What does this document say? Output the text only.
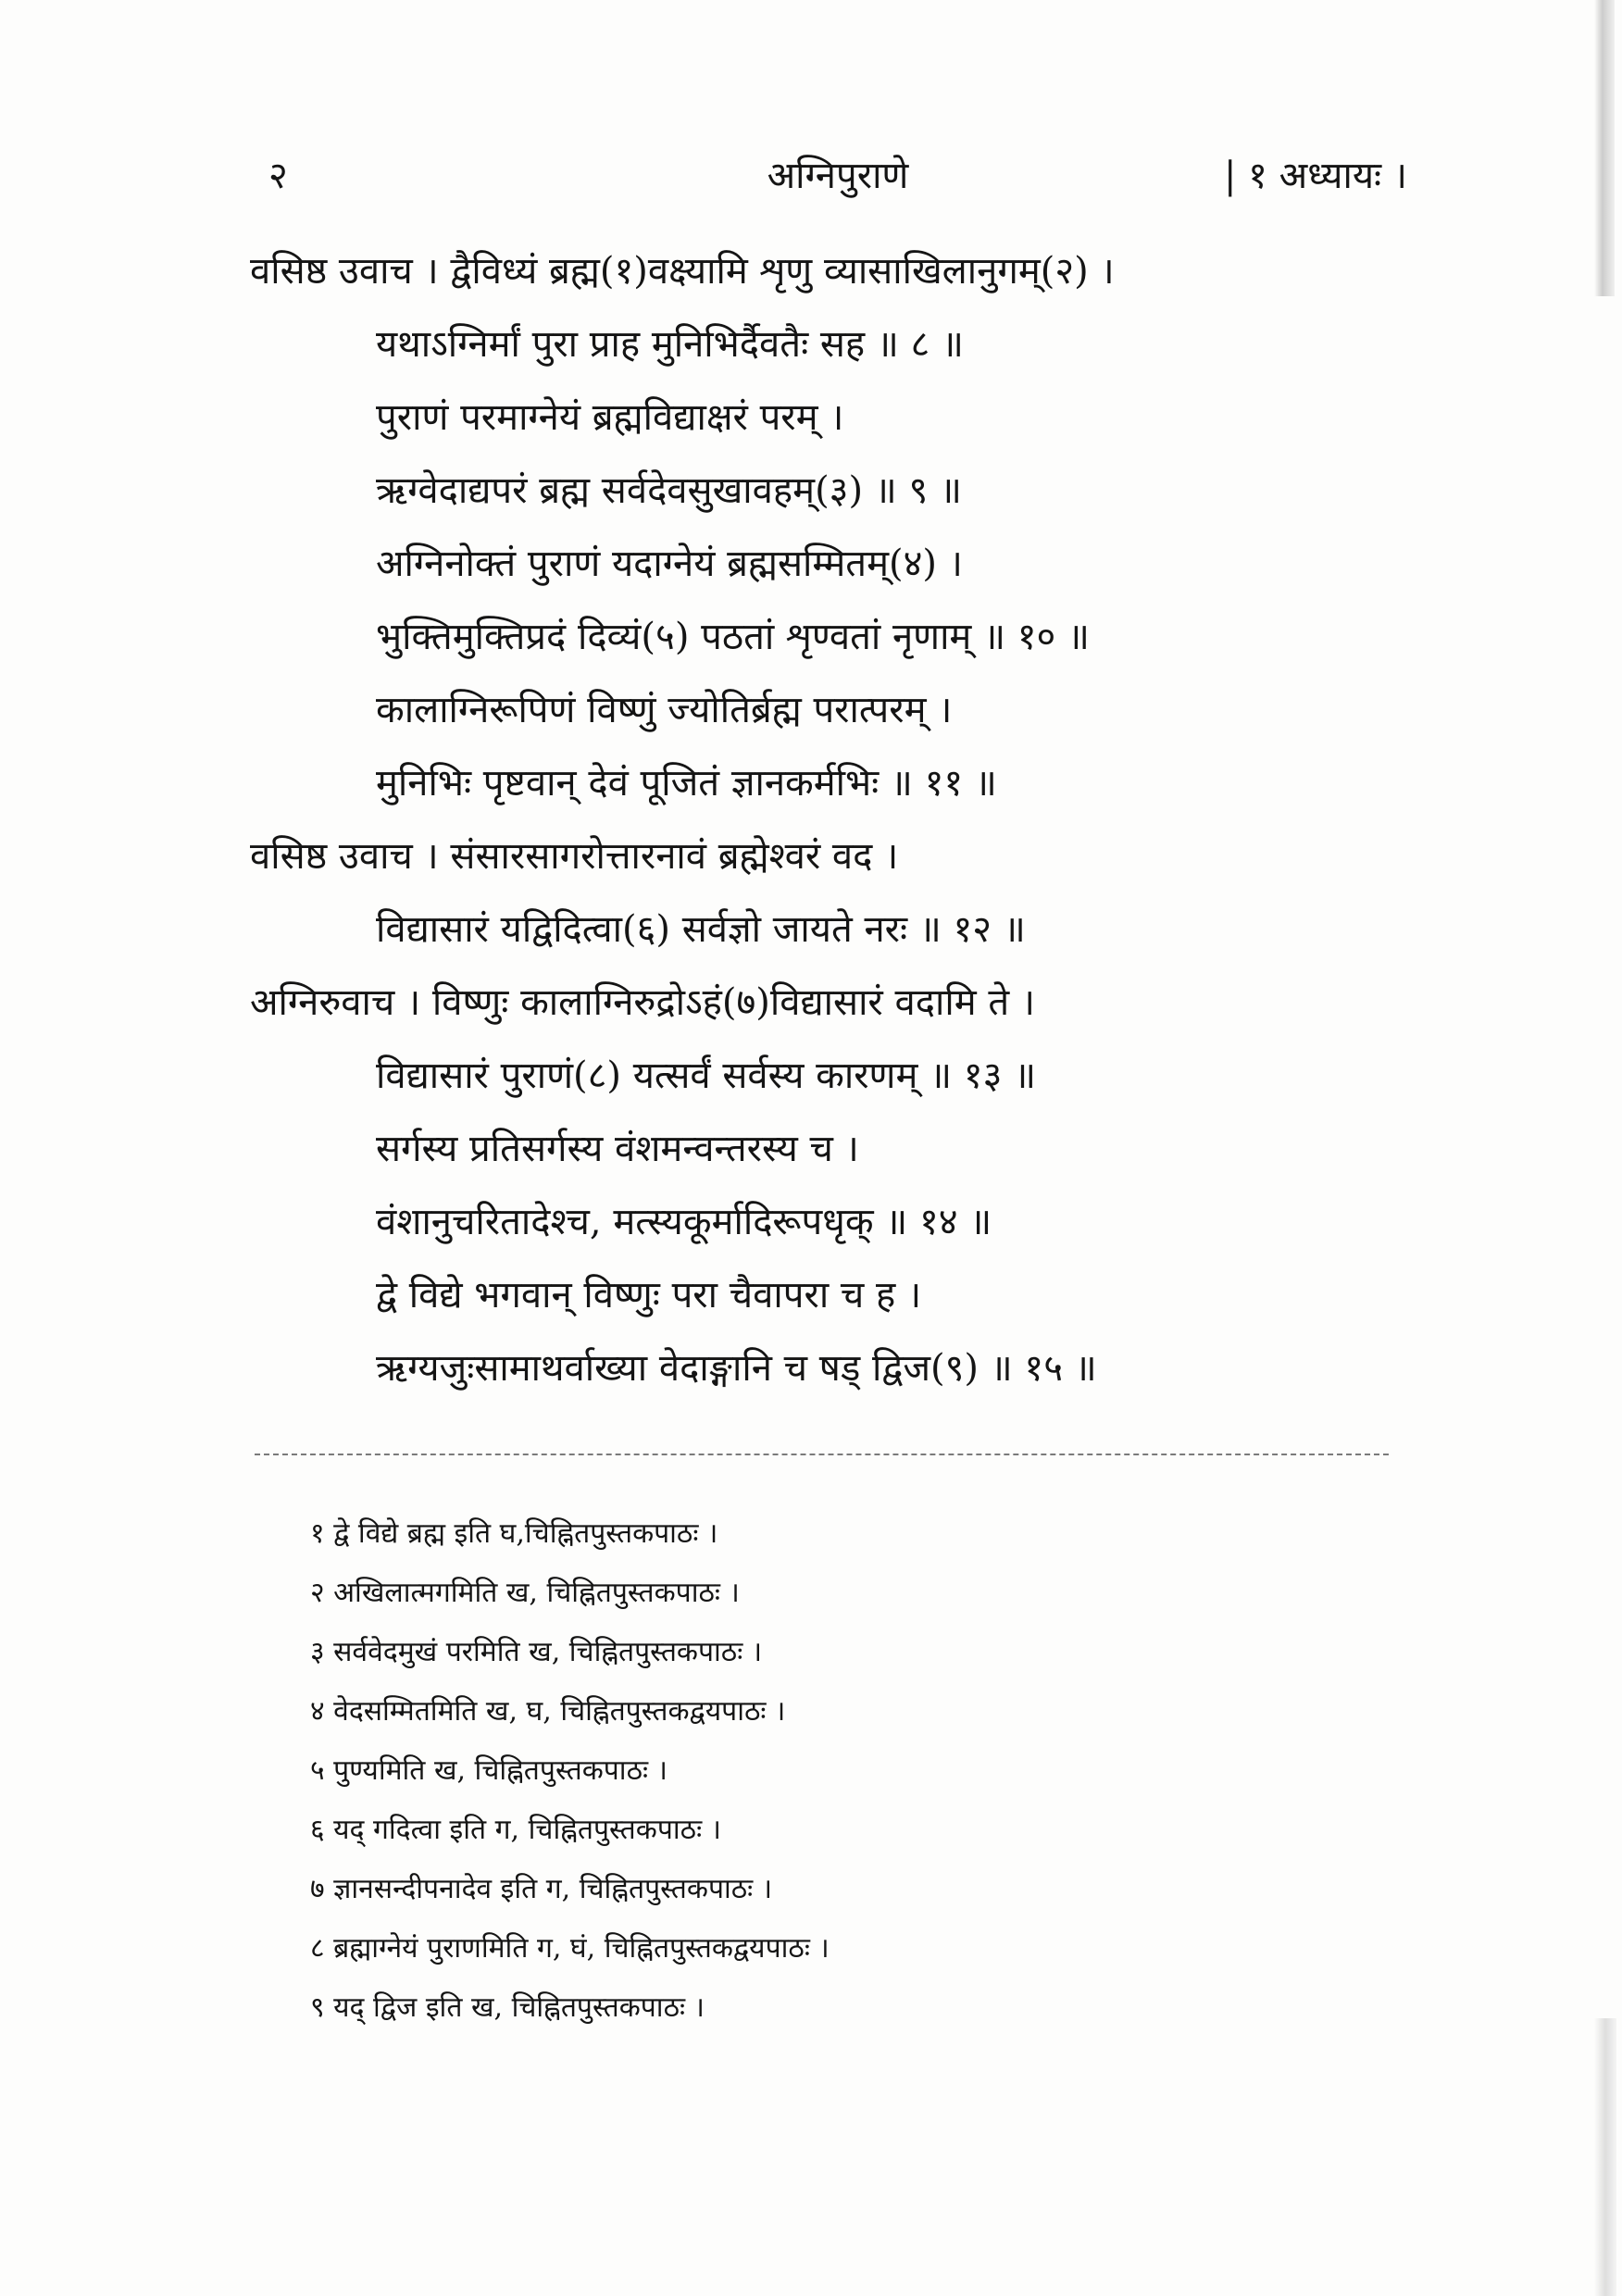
२	अग्निपुराणे	| १ अध्यायः ।
वसिष्ठ उवाच । द्वैविध्यं ब्रह्म(१)वक्ष्यामि शृणु व्यासाखिलानुगम्(२) ।
यथाऽग्निर्मां पुरा प्राह मुनिभिर्दैवतैः सह ॥ ८ ॥
पुराणं परमाग्नेयं ब्रह्मविद्याक्षरं परम् ।
ऋग्वेदाद्यपरं ब्रह्म सर्वदेवसुखावहम्(३) ॥ ९ ॥
अग्निनोक्तं पुराणं यदाग्नेयं ब्रह्मसम्मितम्(४) ।
भुक्तिमुक्तिप्रदं दिव्यं(५) पठतां शृण्वतां नृणाम् ॥ १० ॥
कालाग्निरूपिणं विष्णुं ज्योतिर्ब्रह्म परात्परम् ।
मुनिभिः पृष्टवान् देवं पूजितं ज्ञानकर्मभिः ॥ ११ ॥
वसिष्ठ उवाच । संसारसागरोत्तारनावं ब्रह्मेश्वरं वद ।
विद्यासारं यद्विदित्वा(६) सर्वज्ञो जायते नरः ॥ १२ ॥
अग्निरुवाच । विष्णुः कालाग्निरुद्रोऽहं(७)विद्यासारं वदामि ते ।
विद्यासारं पुराणं(८) यत्सर्वं सर्वस्य कारणम् ॥ १३ ॥
सर्गस्य प्रतिसर्गस्य वंशमन्वन्तरस्य च ।
वंशानुचरितादेश्च, मत्स्यकूर्मादिरूपधृक् ॥ १४ ॥
द्वे विद्ये भगवान् विष्णुः परा चैवापरा च ह ।
ऋग्यजुःसामाथर्वाख्या वेदाङ्गानि च षड् द्विज(९) ॥ १५ ॥
१ द्वे विद्ये ब्रह्म इति घ,चिह्नितपुस्तकपाठः ।
२ अखिलात्मगमिति ख, चिह्नितपुस्तकपाठः ।
३ सर्ववेदमुखं परमिति ख, चिह्नितपुस्तकपाठः ।
४ वेदसम्मितमिति ख, घ, चिह्नितपुस्तकद्वयपाठः ।
५ पुण्यमिति ख, चिह्नितपुस्तकपाठः ।
६ यद् गदित्वा इति ग, चिह्नितपुस्तकपाठः ।
७ ज्ञानसन्दीपनादेव इति ग, चिह्नितपुस्तकपाठः ।
८ ब्रह्माग्नेयं पुराणमिति ग, घं, चिह्नितपुस्तकद्वयपाठः ।
९ यद् द्विज इति ख, चिह्नितपुस्तकपाठः ।
